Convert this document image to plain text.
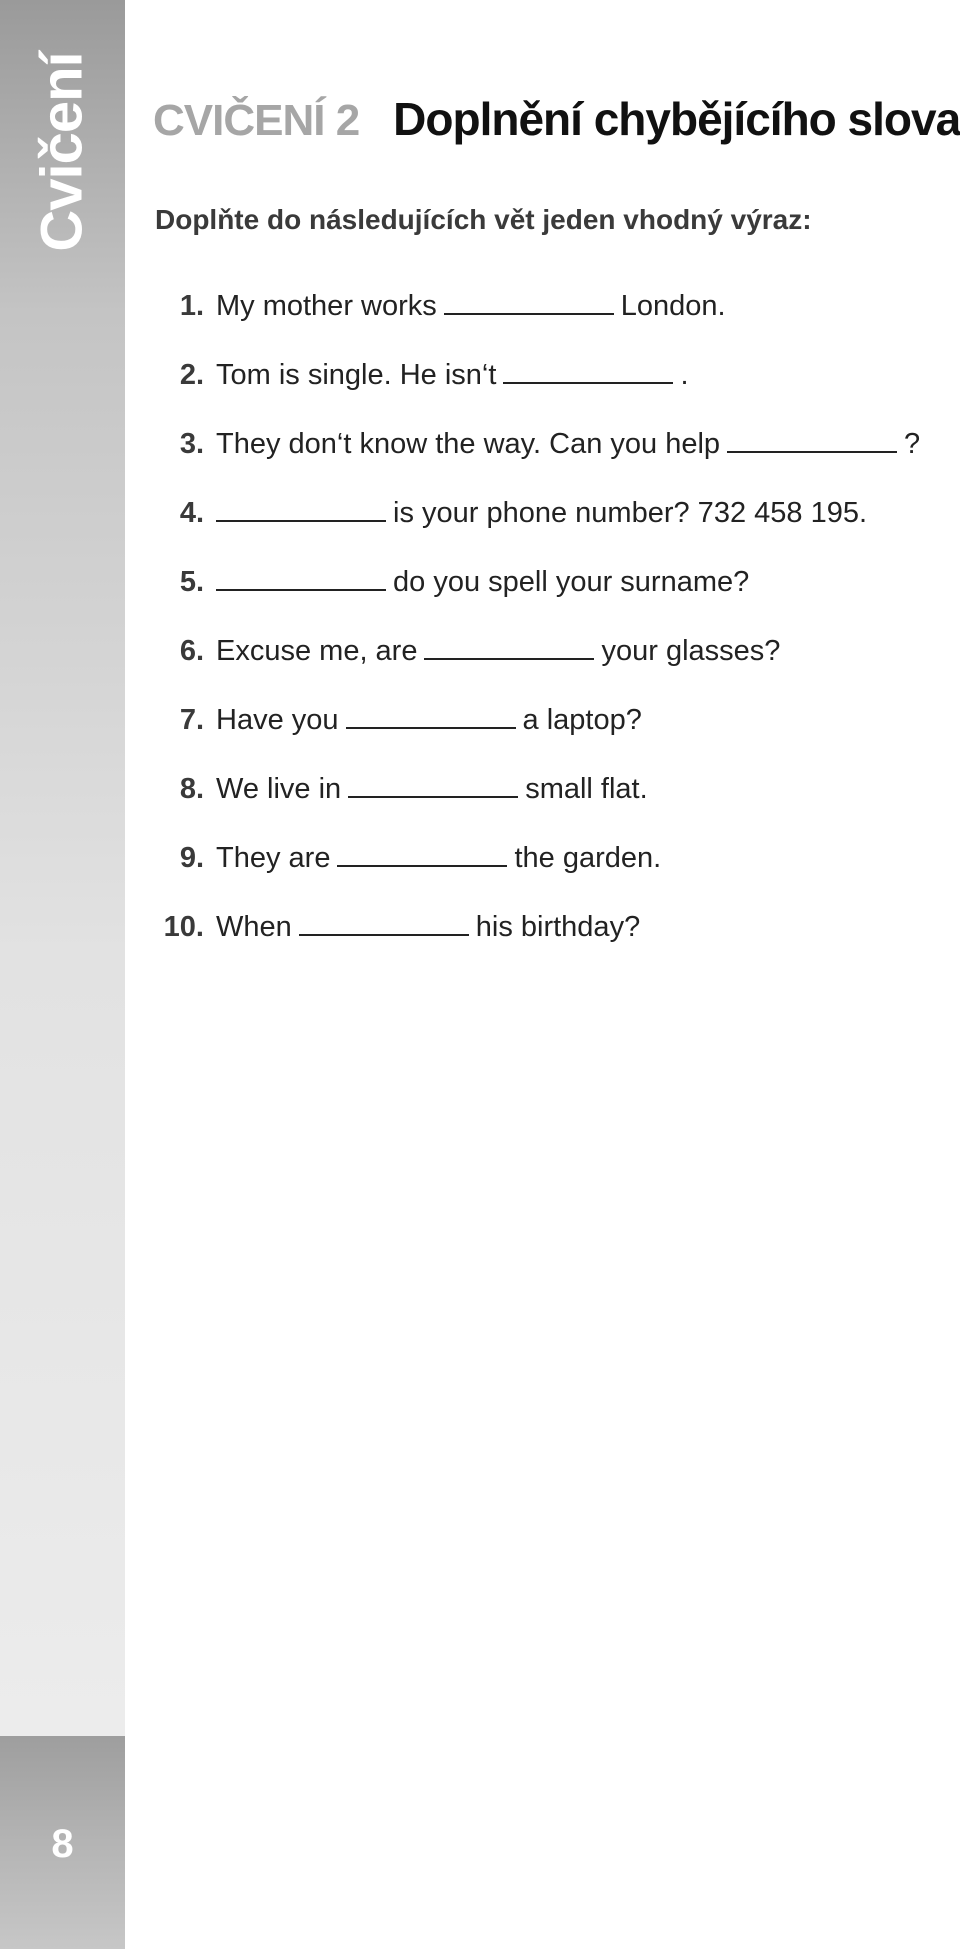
Cvičení
8
CVIČENÍ 2 Doplnění chybějícího slova
Doplňte do následujících vět jeden vhodný výraz:
1. My mother works	London.
2. Tom is single. He isn‘t	.
3. They don‘t know the way. Can you help	?
4.	is your phone number? 732 458 195.
5.	do you spell your surname?
6. Excuse me, are	your glasses?
7. Have you	a laptop?
8. We live in	small flat.
9. They are	the garden.
10. When	his birthday?
